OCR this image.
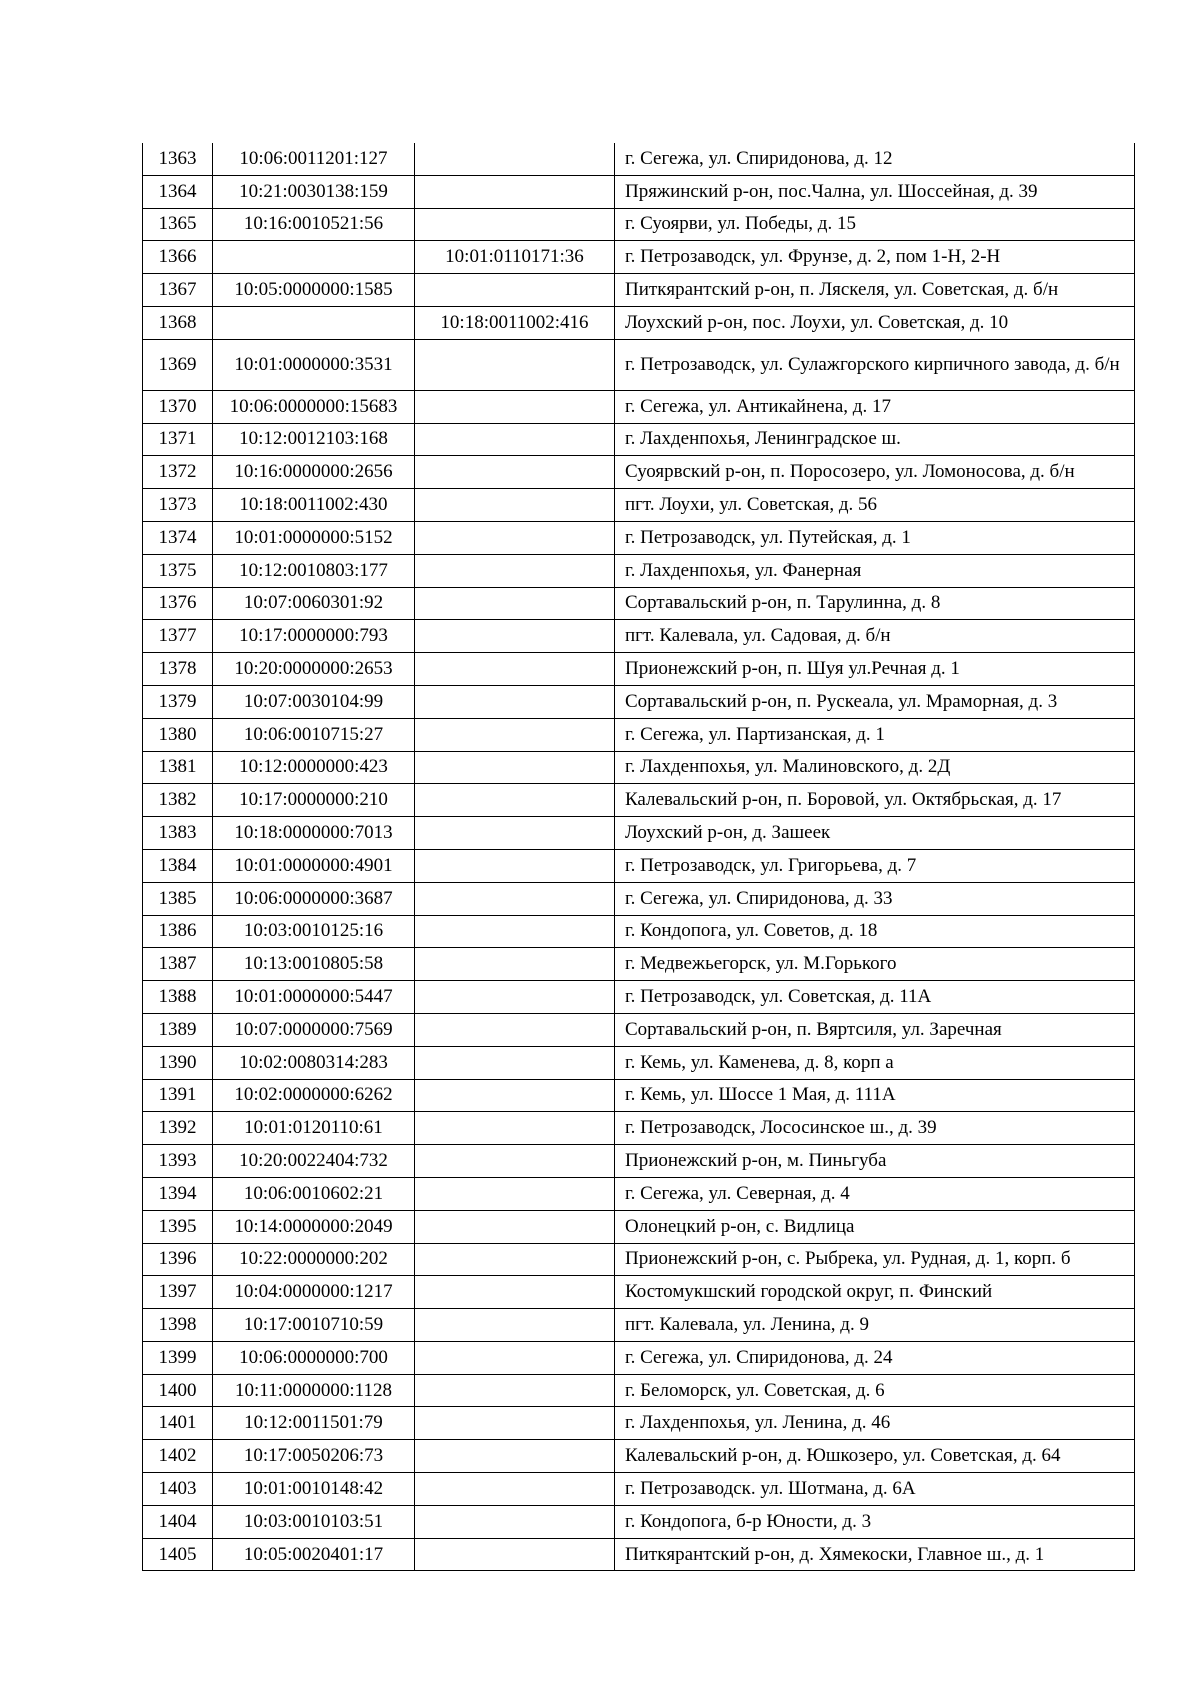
1363	10:06:0011201:127		г. Сегежа, ул. Спиридонова, д. 12
1364	10:21:0030138:159		Пряжинский р-он, пос.Чална, ул. Шоссейная, д. 39
1365	10:16:0010521:56		г. Суоярви, ул. Победы, д. 15
1366		10:01:0110171:36	г. Петрозаводск, ул. Фрунзе, д. 2, пом 1-Н, 2-Н
1367	10:05:0000000:1585		Питкярантский р-он, п. Ляскеля, ул. Советская, д. б/н
1368		10:18:0011002:416	Лоухский р-он, пос. Лоухи, ул. Советская, д. 10
1369	10:01:0000000:3531		г. Петрозаводск, ул. Сулажгорского кирпичного завода, д. б/н
1370	10:06:0000000:15683		г. Сегежа, ул. Антикайнена, д. 17
1371	10:12:0012103:168		г. Лахденпохья, Ленинградское ш.
1372	10:16:0000000:2656		Суоярвский р-он, п. Поросозеро, ул. Ломоносова, д. б/н
1373	10:18:0011002:430		пгт. Лоухи, ул. Советская, д. 56
1374	10:01:0000000:5152		г. Петрозаводск, ул. Путейская, д. 1
1375	10:12:0010803:177		г. Лахденпохья, ул. Фанерная
1376	10:07:0060301:92		Сортавальский р-он, п. Тарулинна, д. 8
1377	10:17:0000000:793		пгт. Калевала, ул. Садовая, д. б/н
1378	10:20:0000000:2653		Прионежский р-он, п. Шуя ул.Речная д. 1
1379	10:07:0030104:99		Сортавальский р-он, п. Рускеала, ул. Мраморная, д. 3
1380	10:06:0010715:27		г. Сегежа, ул. Партизанская, д. 1
1381	10:12:0000000:423		г. Лахденпохья, ул. Малиновского, д. 2Д
1382	10:17:0000000:210		Калевальский р-он, п. Боровой, ул. Октябрьская, д. 17
1383	10:18:0000000:7013		Лоухский р-он, д. Зашеек
1384	10:01:0000000:4901		г. Петрозаводск, ул. Григорьева, д. 7
1385	10:06:0000000:3687		г. Сегежа, ул. Спиридонова, д. 33
1386	10:03:0010125:16		г. Кондопога, ул. Советов, д. 18
1387	10:13:0010805:58		г. Медвежьегорск, ул. М.Горького
1388	10:01:0000000:5447		г. Петрозаводск, ул. Советская, д. 11А
1389	10:07:0000000:7569		Сортавальский р-он, п. Вяртсиля, ул. Заречная
1390	10:02:0080314:283		г. Кемь, ул. Каменева, д. 8, корп а
1391	10:02:0000000:6262		г. Кемь, ул. Шоссе 1 Мая, д. 111А
1392	10:01:0120110:61		г. Петрозаводск, Лососинское ш., д. 39
1393	10:20:0022404:732		Прионежский р-он, м. Пиньгуба
1394	10:06:0010602:21		г. Сегежа, ул. Северная, д. 4
1395	10:14:0000000:2049		Олонецкий р-он, с. Видлица
1396	10:22:0000000:202		Прионежский р-он, с. Рыбрека, ул. Рудная, д. 1, корп. б
1397	10:04:0000000:1217		Костомукшский городской округ, п. Финский
1398	10:17:0010710:59		пгт. Калевала, ул. Ленина, д. 9
1399	10:06:0000000:700		г. Сегежа, ул. Спиридонова, д. 24
1400	10:11:0000000:1128		г. Беломорск, ул. Советская, д. 6
1401	10:12:0011501:79		г. Лахденпохья, ул. Ленина, д. 46
1402	10:17:0050206:73		Калевальский р-он, д. Юшкозеро, ул. Советская, д. 64
1403	10:01:0010148:42		г. Петрозаводск. ул. Шотмана, д. 6А
1404	10:03:0010103:51		г. Кондопога, б-р Юности, д. 3
1405	10:05:0020401:17		Питкярантский р-он, д. Хямекоски, Главное ш., д. 1
